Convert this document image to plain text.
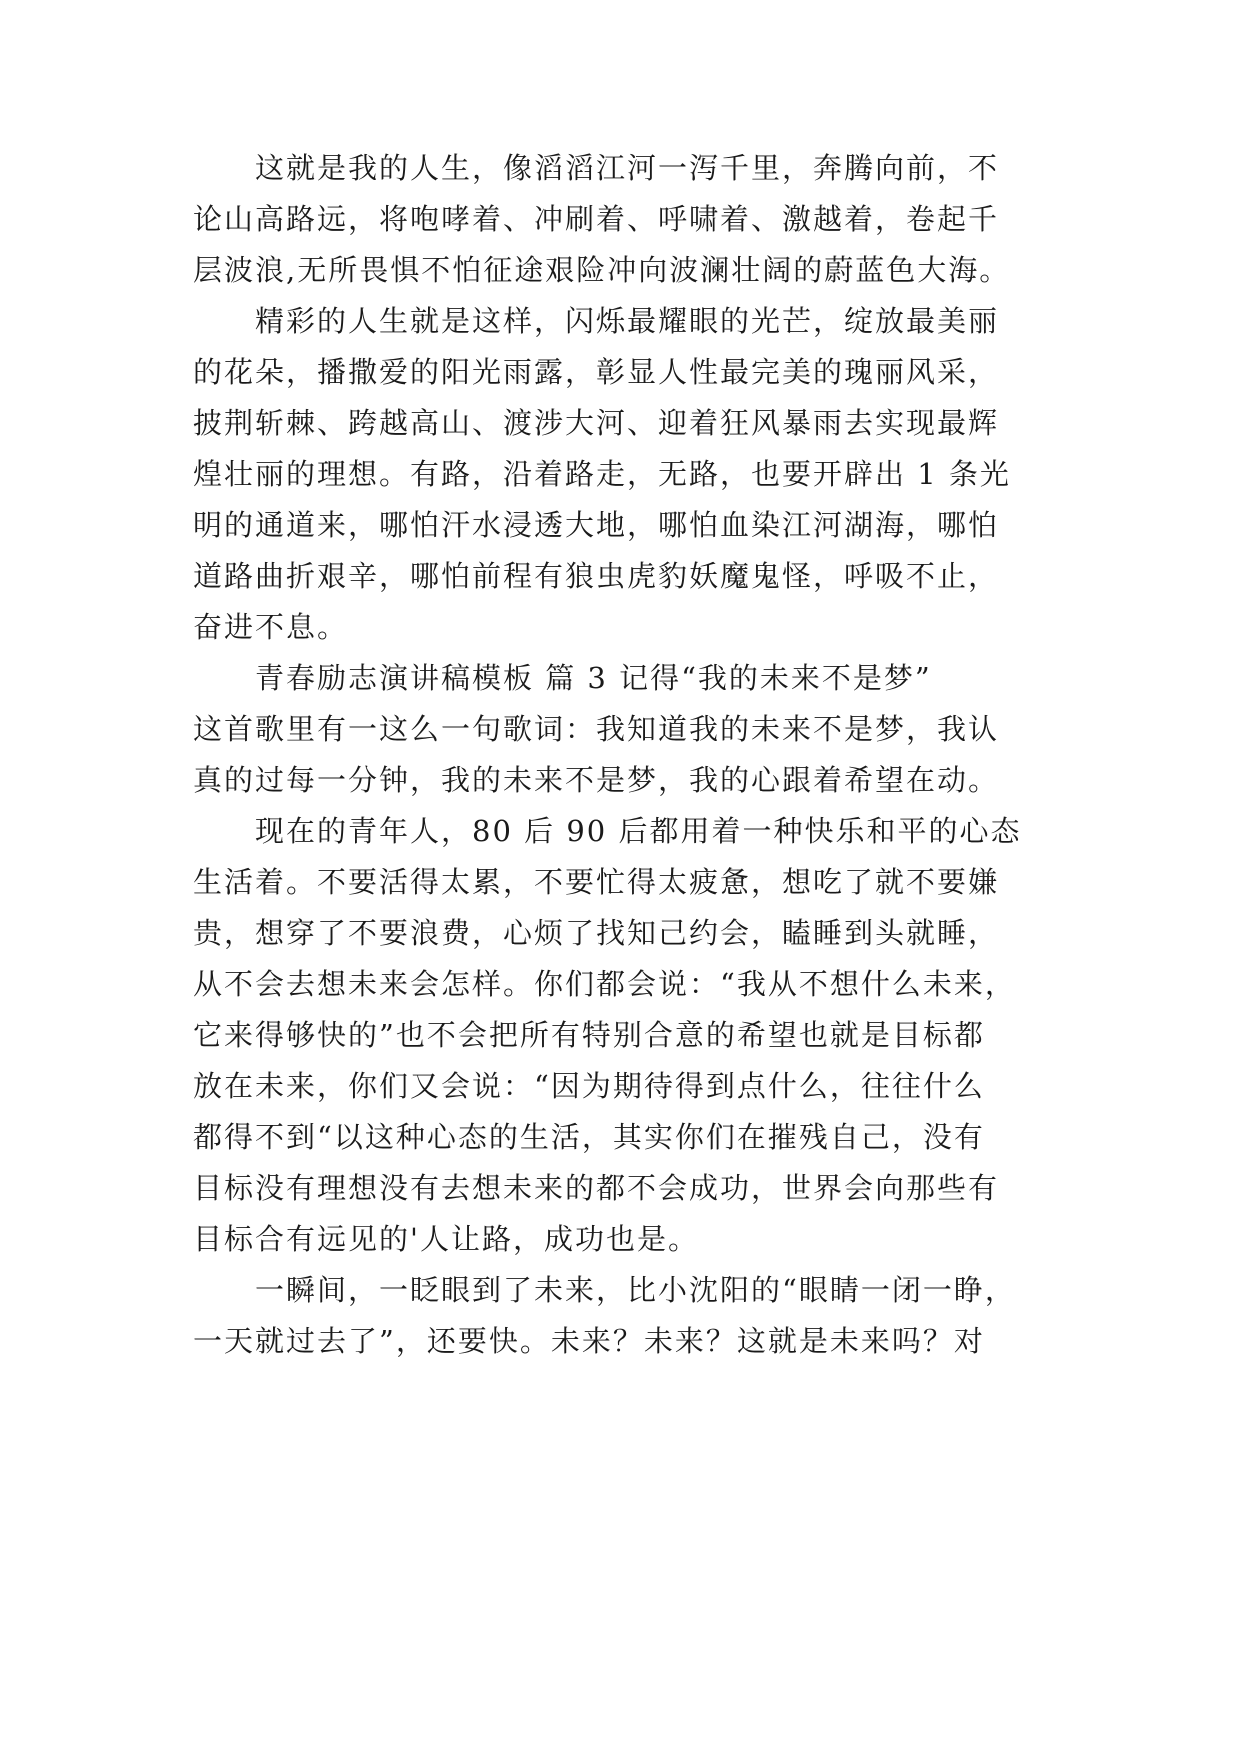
这就是我的人生，像滔滔江河一泻千里，奔腾向前，不
论山高路远，将咆哮着、冲刷着、呼啸着、激越着，卷起千
层波浪,无所畏惧不怕征途艰险冲向波澜壮阔的蔚蓝色大海。
精彩的人生就是这样，闪烁最耀眼的光芒，绽放最美丽
的花朵，播撒爱的阳光雨露，彰显人性最完美的瑰丽风采，
披荆斩棘、跨越高山、渡涉大河、迎着狂风暴雨去实现最辉
煌壮丽的理想。有路，沿着路走，无路，也要开辟出 1 条光
明的通道来，哪怕汗水浸透大地，哪怕血染江河湖海，哪怕
道路曲折艰辛，哪怕前程有狼虫虎豹妖魔鬼怪，呼吸不止，
奋进不息。
青春励志演讲稿模板 篇 3 记得“我的未来不是梦”
这首歌里有一这么一句歌词：我知道我的未来不是梦，我认
真的过每一分钟，我的未来不是梦，我的心跟着希望在动。
现在的青年人，80 后 90 后都用着一种快乐和平的心态
生活着。不要活得太累，不要忙得太疲惫，想吃了就不要嫌
贵，想穿了不要浪费，心烦了找知己约会，瞌睡到头就睡，
从不会去想未来会怎样。你们都会说：“我从不想什么未来，
它来得够快的”也不会把所有特别合意的希望也就是目标都
放在未来，你们又会说：“因为期待得到点什么，往往什么
都得不到“以这种心态的生活，其实你们在摧残自己，没有
目标没有理想没有去想未来的都不会成功，世界会向那些有
目标合有远见的'人让路，成功也是。
一瞬间，一眨眼到了未来，比小沈阳的“眼睛一闭一睁，
一天就过去了”，还要快。未来？未来？这就是未来吗？对
